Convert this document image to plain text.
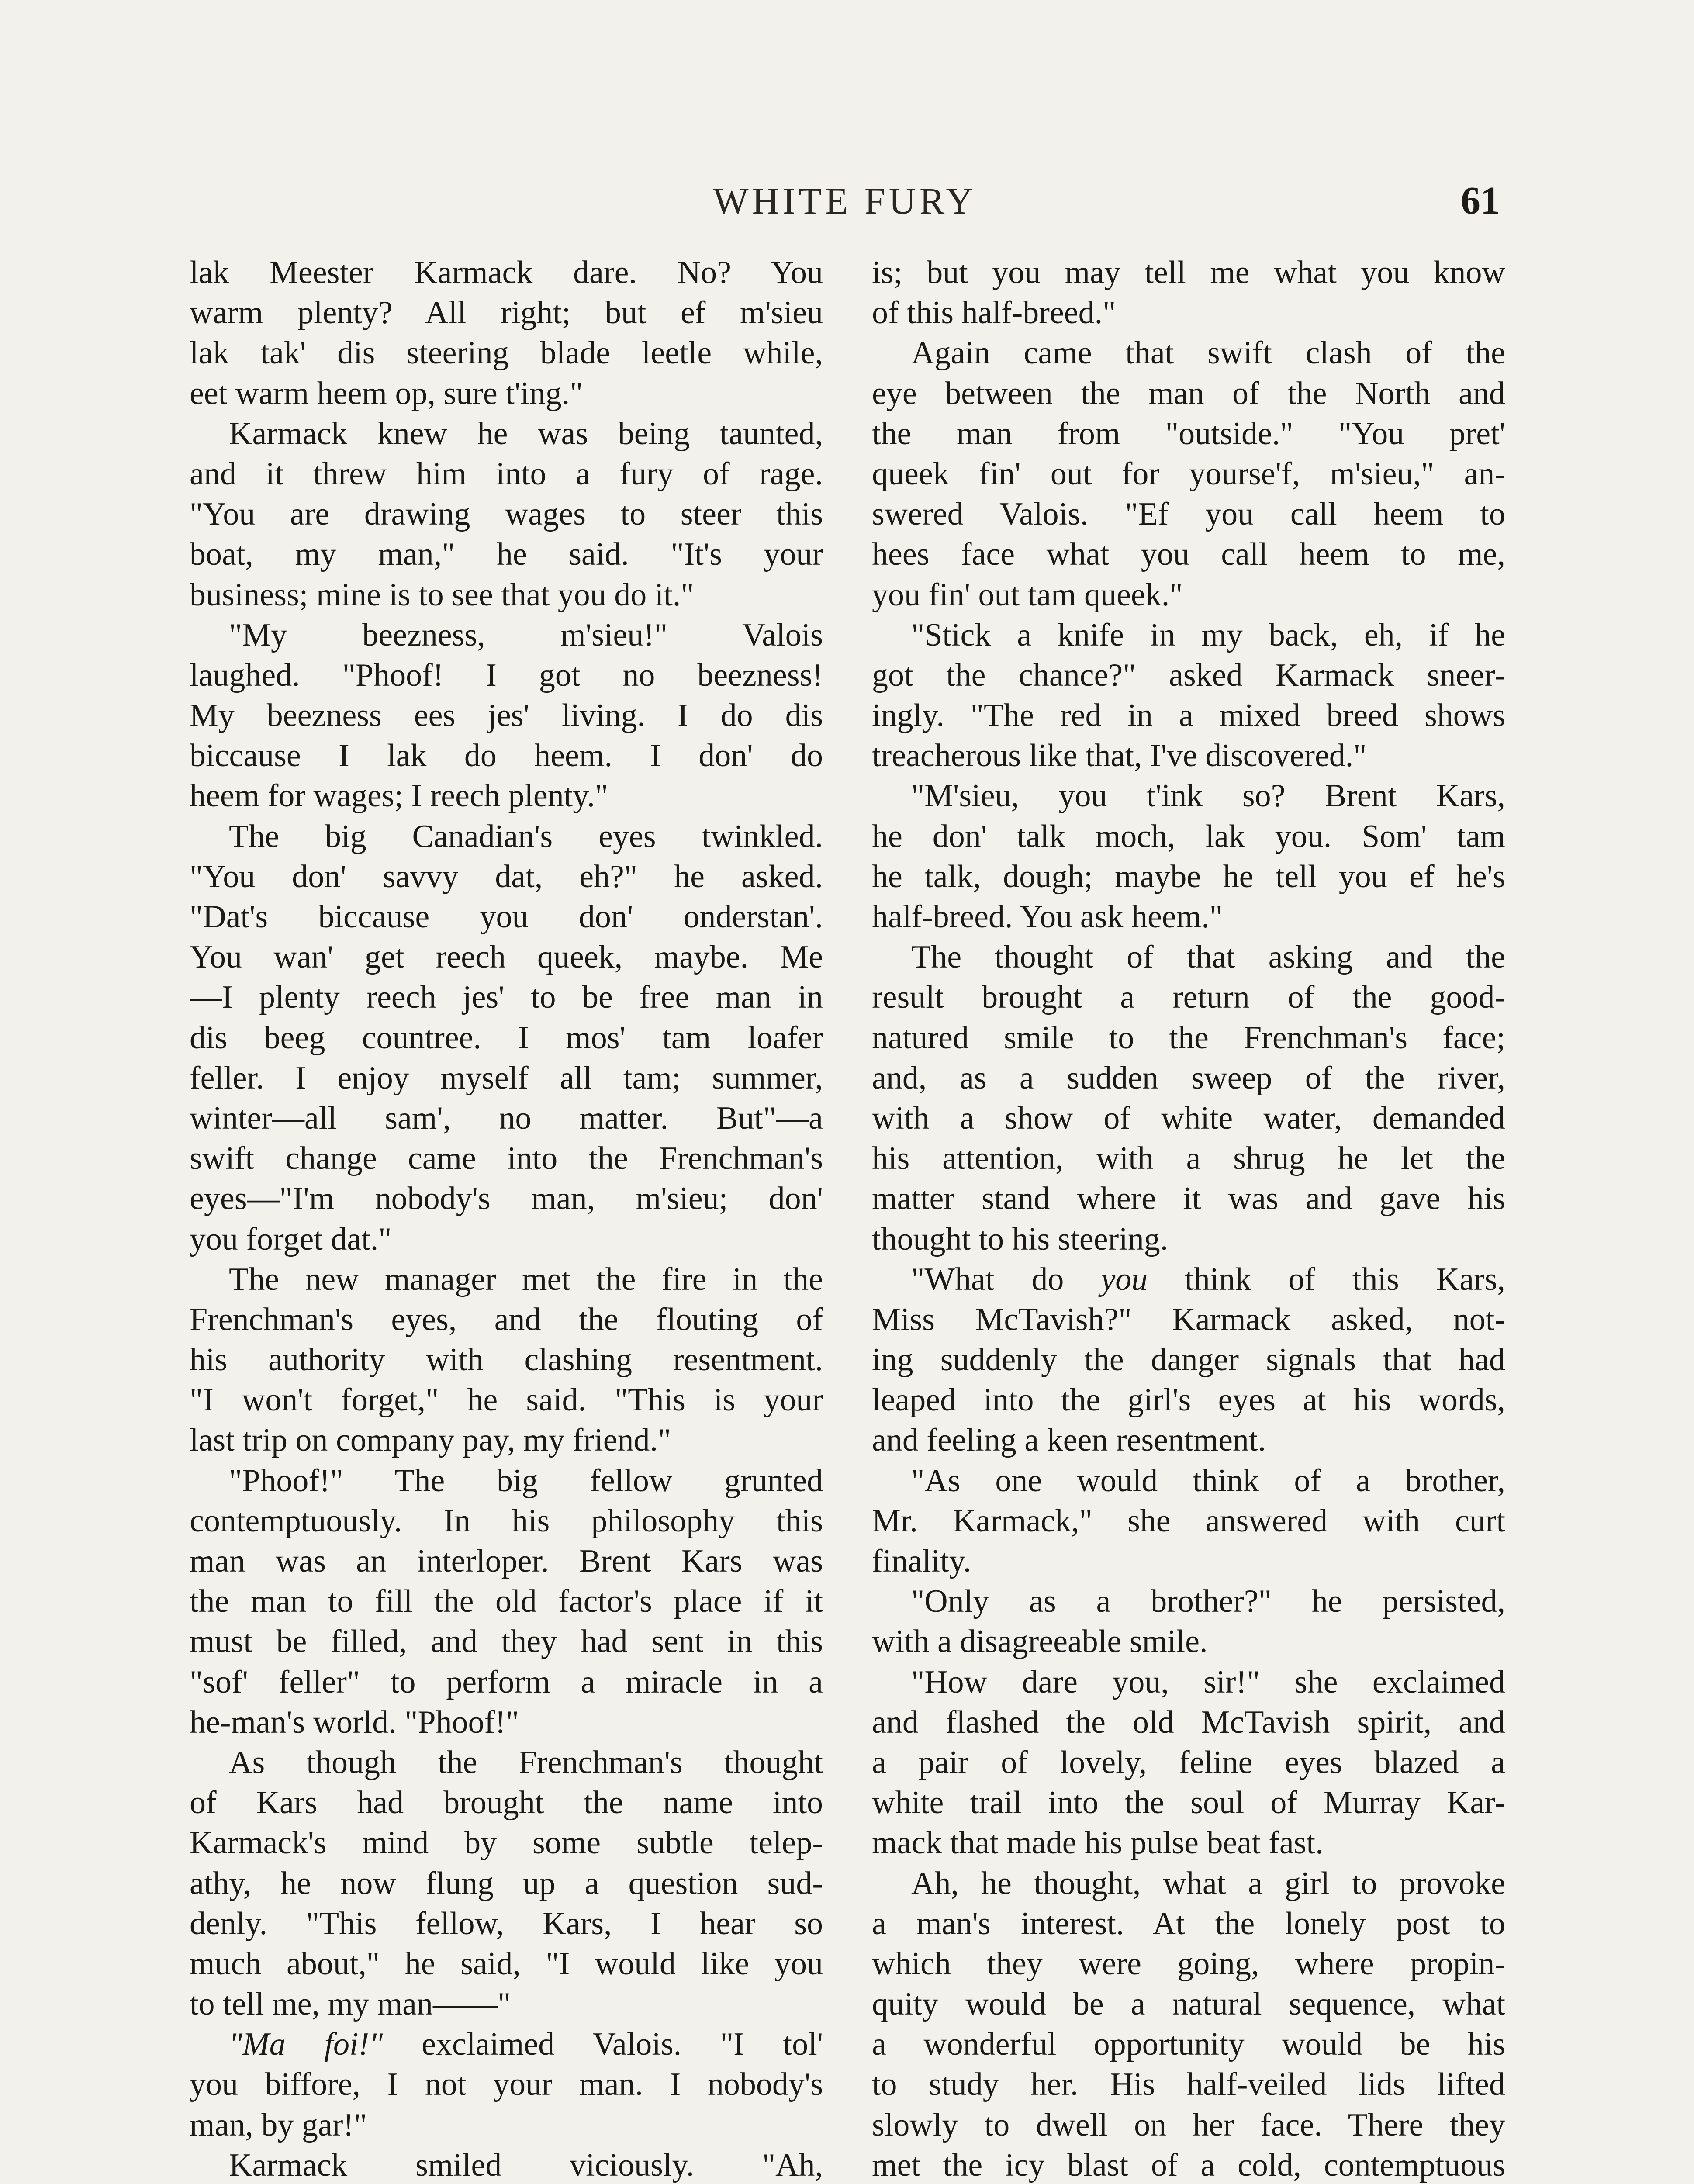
WHITE FURY	61
lak Meester Karmack dare. No? You
warm plenty? All right; but ef m'sieu
lak tak' dis steering blade leetle while,
eet warm heem op, sure t'ing."
Karmack knew he was being taunted,
and it threw him into a fury of rage.
"You are drawing wages to steer this
boat, my man," he said. "It's your
business; mine is to see that you do it."
"My beezness, m'sieu!" Valois
laughed. "Phoof! I got no beezness!
My beezness ees jes' living. I do dis
biccause I lak do heem. I don' do
heem for wages; I reech plenty."
The big Canadian's eyes twinkled.
"You don' savvy dat, eh?" he asked.
"Dat's biccause you don' onderstan'.
You wan' get reech queek, maybe. Me
—I plenty reech jes' to be free man in
dis beeg countree. I mos' tam loafer
feller. I enjoy myself all tam; summer,
winter—all sam', no matter. But"—a
swift change came into the Frenchman's
eyes—"I'm nobody's man, m'sieu; don'
you forget dat."
The new manager met the fire in the
Frenchman's eyes, and the flouting of
his authority with clashing resentment.
"I won't forget," he said. "This is your
last trip on company pay, my friend."
"Phoof!" The big fellow grunted
contemptuously. In his philosophy this
man was an interloper. Brent Kars was
the man to fill the old factor's place if it
must be filled, and they had sent in this
"sof' feller" to perform a miracle in a
he-man's world. "Phoof!"
As though the Frenchman's thought
of Kars had brought the name into
Karmack's mind by some subtle telep-
athy, he now flung up a question sud-
denly. "This fellow, Kars, I hear so
much about," he said, "I would like you
to tell me, my man——"
"Ma foi!" exclaimed Valois. "I tol'
you biffore, I not your man. I nobody's
man, by gar!"
Karmack smiled viciously. "Ah,
is; but you may tell me what you know
of this half-breed."
Again came that swift clash of the
eye between the man of the North and
the man from "outside." "You pret'
queek fin' out for yourse'f, m'sieu," an-
swered Valois. "Ef you call heem to
hees face what you call heem to me,
you fin' out tam queek."
"Stick a knife in my back, eh, if he
got the chance?" asked Karmack sneer-
ingly. "The red in a mixed breed shows
treacherous like that, I've discovered."
"M'sieu, you t'ink so? Brent Kars,
he don' talk moch, lak you. Som' tam
he talk, dough; maybe he tell you ef he's
half-breed. You ask heem."
The thought of that asking and the
result brought a return of the good-
natured smile to the Frenchman's face;
and, as a sudden sweep of the river,
with a show of white water, demanded
his attention, with a shrug he let the
matter stand where it was and gave his
thought to his steering.
"What do you think of this Kars,
Miss McTavish?" Karmack asked, not-
ing suddenly the danger signals that had
leaped into the girl's eyes at his words,
and feeling a keen resentment.
"As one would think of a brother,
Mr. Karmack," she answered with curt
finality.
"Only as a brother?" he persisted,
with a disagreeable smile.
"How dare you, sir!" she exclaimed
and flashed the old McTavish spirit, and
a pair of lovely, feline eyes blazed a
white trail into the soul of Murray Kar-
mack that made his pulse beat fast.
Ah, he thought, what a girl to provoke
a man's interest. At the lonely post to
which they were going, where propin-
quity would be a natural sequence, what
a wonderful opportunity would be his
to study her. His half-veiled lids lifted
slowly to dwell on her face. There they
met the icy blast of a cold, contemptuous
